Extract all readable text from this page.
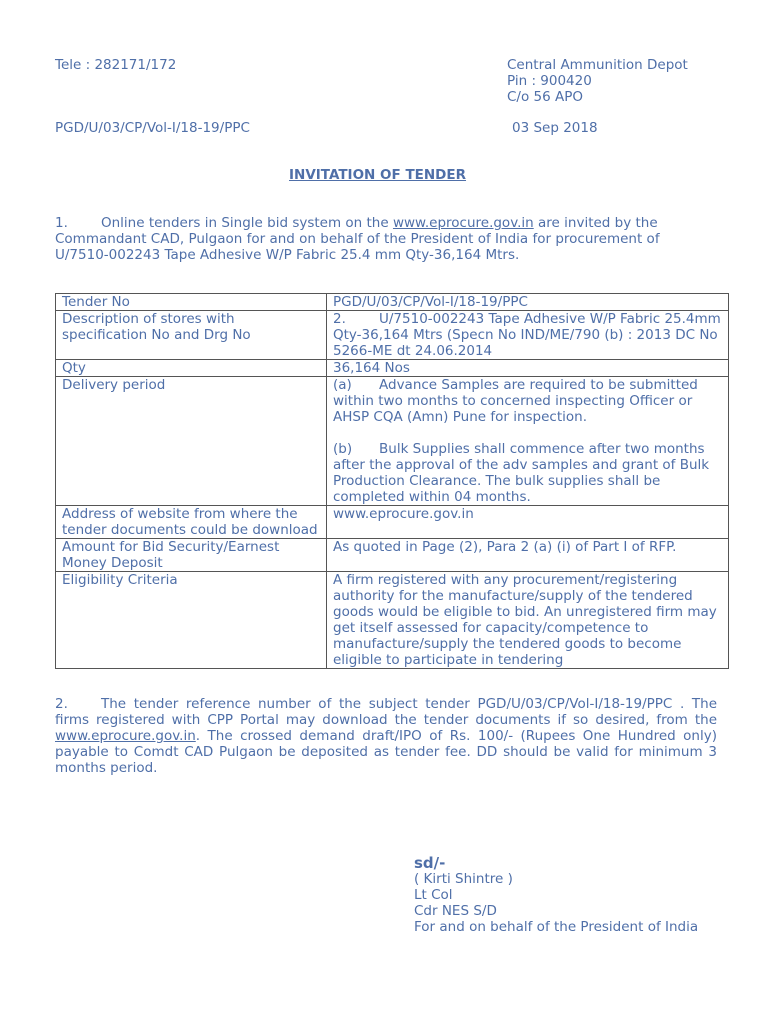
Tele : 282171/172	Central Ammunition Depot
Pin : 900420
C/o 56 APO
PGD/U/03/CP/Vol-I/18-19/PPC	03 Sep 2018
INVITATION OF TENDER
1. Online tenders in Single bid system on the www.eprocure.gov.in are invited by the Commandant CAD, Pulgaon for and on behalf of the President of India for procurement of U/7510-002243 Tape Adhesive W/P Fabric 25.4 mm Qty-36,164 Mtrs.
Tender No	PGD/U/03/CP/Vol-I/18-19/PPC
Description of stores with specification No and Drg No	2. U/7510-002243 Tape Adhesive W/P Fabric 25.4mm Qty-36,164 Mtrs (Specn No IND/ME/790 (b) : 2013 DC No 5266-ME dt 24.06.2014
Qty	36,164 Nos
Delivery period	(a) Advance Samples are required to be submitted within two months to concerned inspecting Officer or AHSP CQA (Amn) Pune for inspection.
(b) Bulk Supplies shall commence after two months after the approval of the adv samples and grant of Bulk Production Clearance. The bulk supplies shall be completed within 04 months.

Address of website from where the tender documents could be download	www.eprocure.gov.in
Amount for Bid Security/Earnest Money Deposit	As quoted in Page (2), Para 2 (a) (i) of Part I of RFP.
Eligibility Criteria	A firm registered with any procurement/registering authority for the manufacture/supply of the tendered goods would be eligible to bid. An unregistered firm may get itself assessed for capacity/competence to manufacture/supply the tendered goods to become eligible to participate in tendering
2. The tender reference number of the subject tender PGD/U/03/CP/Vol-I/18-19/PPC . The firms registered with CPP Portal may download the tender documents if so desired, from the www.eprocure.gov.in. The crossed demand draft/IPO of Rs. 100/- (Rupees One Hundred only) payable to Comdt CAD Pulgaon be deposited as tender fee. DD should be valid for minimum 3 months period.
sd/-
( Kirti Shintre )
Lt Col
Cdr NES S/D
For and on behalf of the President of India
